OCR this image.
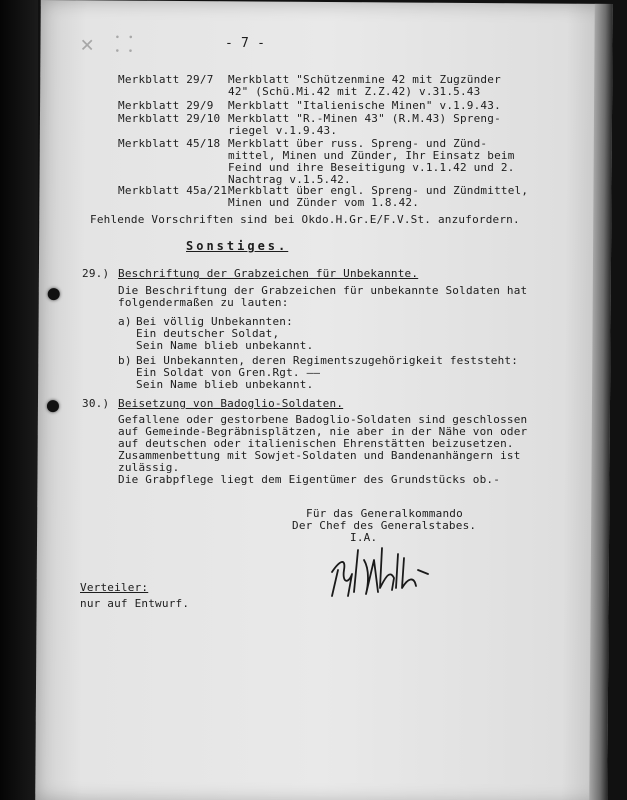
✕ ⸬	- 7 -
Merkblatt 29/7 Merkblatt "Schützenmine 42 mit Zugzünder
42" (Schü.Mi.42 mit Z.Z.42) v.31.5.43
Merkblatt 29/9 Merkblatt "Italienische Minen" v.1.9.43.
Merkblatt 29/10 Merkblatt "R.-Minen 43" (R.M.43) Spreng-
riegel v.1.9.43.
Merkblatt 45/18 Merkblatt über russ. Spreng- und Zünd-
mittel, Minen und Zünder, Ihr Einsatz beim
Feind und ihre Beseitigung v.1.1.42 und 2.
Nachtrag v.1.5.42.
Merkblatt 45a/21 Merkblatt über engl. Spreng- und Zündmittel,
Minen und Zünder vom 1.8.42.
Fehlende Vorschriften sind bei Okdo.H.Gr.E/F.V.St. anzufordern.
Sonstiges.
29.) Beschriftung der Grabzeichen für Unbekannte.
Die Beschriftung der Grabzeichen für unbekannte Soldaten hat
folgendermaßen zu lauten:
a) Bei völlig Unbekannten:
Ein deutscher Soldat,
Sein Name blieb unbekannt.
b) Bei Unbekannten, deren Regimentszugehörigkeit feststeht:
Ein Soldat von Gren.Rgt. ——
Sein Name blieb unbekannt.
30.) Beisetzung von Badoglio-Soldaten.
Gefallene oder gestorbene Badoglio-Soldaten sind geschlossen
auf Gemeinde-Begräbnisplätzen, nie aber in der Nähe von oder
auf deutschen oder italienischen Ehrenstätten beizusetzen.
Zusammenbettung mit Sowjet-Soldaten und Bandenanhängern ist
zulässig.
Die Grabpflege liegt dem Eigentümer des Grundstücks ob.-
Für das Generalkommando
Der Chef des Generalstabes.
I.A.
Verteiler:
nur auf Entwurf.
